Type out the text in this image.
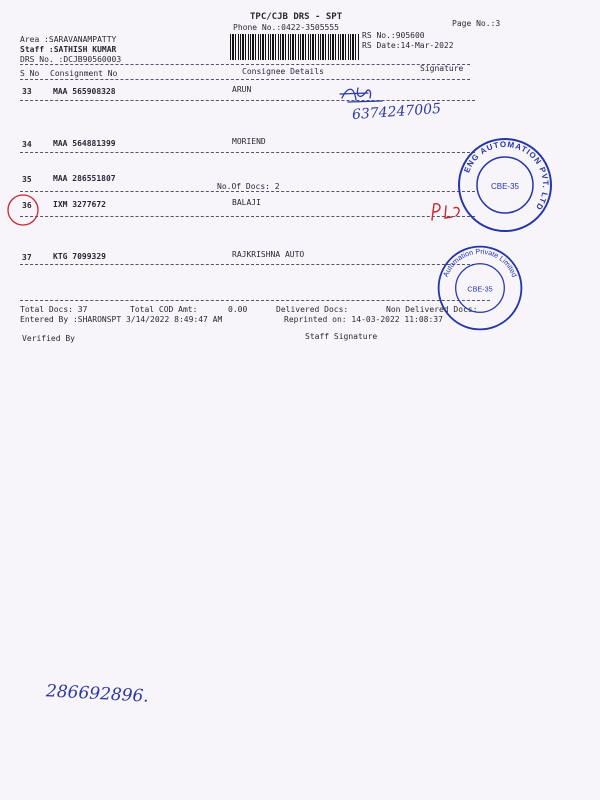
TPC/CJB DRS - SPT
Phone No.:0422-3505555	Page No.:3
Area :SARAVANAMPATTY
Staff :SATHISH KUMAR
DRS No. :DCJB90560003
RS No.:905600
RS Date:14-Mar-2022
S No Consignment No	Consignee Details	Signature
33	MAA 565908328	ARUN
34	MAA 564881399	MORIEND
35	MAA 286551807
No.Of Docs: 2
36	IXM 3277672	BALAJI
37	KTG 7099329	RAJKRISHNA AUTO
Total Docs: 37	Total COD Amt:	0.00	Delivered Docs:	Non Delivered Docs:
Entered By :SHARONSPT 3/14/2022 8:49:47 AM	Reprinted on: 14-03-2022 11:08:37
Verified By	Staff Signature
6374247005
286692896.
ENG AUTOMATION PVT. LTD
CBE-35
Automation Private Limited
CBE-35
